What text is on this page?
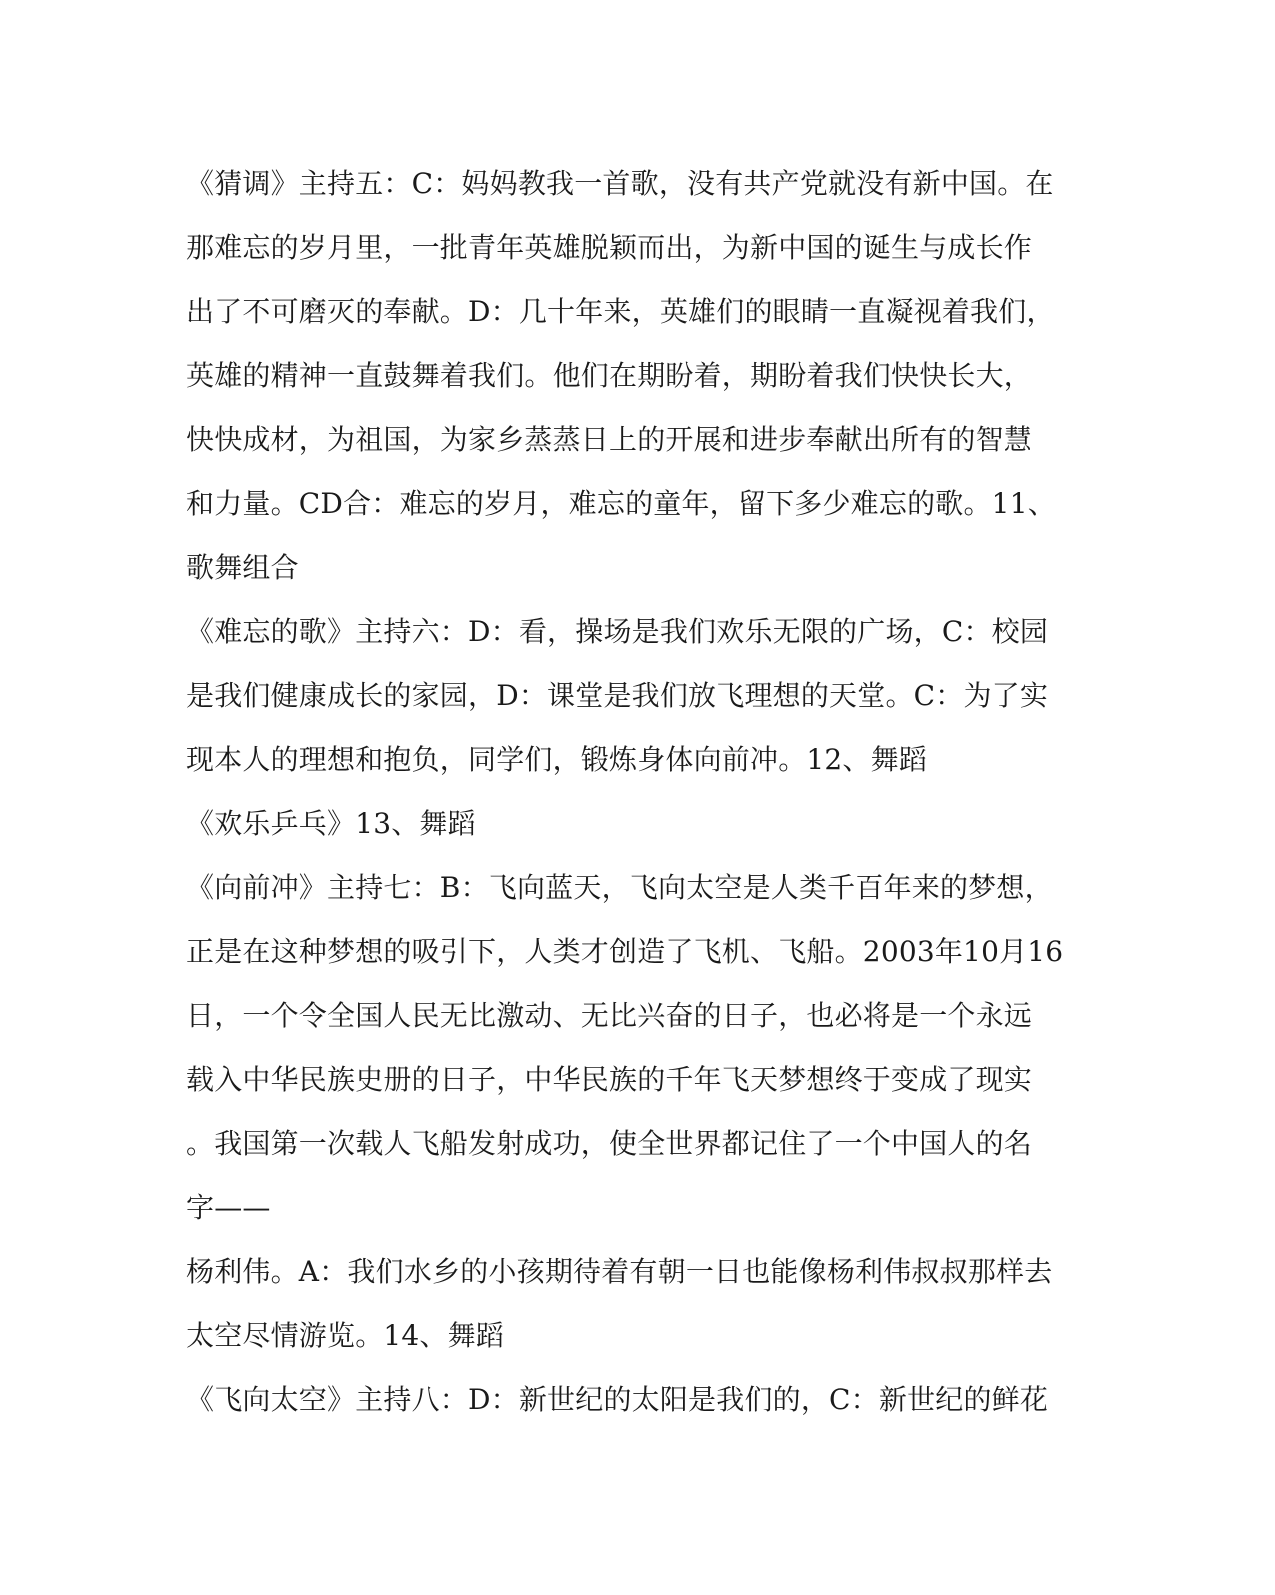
《猜调》主持五：C：妈妈教我一首歌，没有共产党就没有新中国。在

那难忘的岁月里，一批青年英雄脱颖而出，为新中国的诞生与成长作

出了不可磨灭的奉献。D：几十年来，英雄们的眼睛一直凝视着我们，

英雄的精神一直鼓舞着我们。他们在期盼着，期盼着我们快快长大，

快快成材，为祖国，为家乡蒸蒸日上的开展和进步奉献出所有的智慧

和力量。CD合：难忘的岁月，难忘的童年，留下多少难忘的歌。11、

歌舞组合

《难忘的歌》主持六：D：看，操场是我们欢乐无限的广场，C：校园

是我们健康成长的家园，D：课堂是我们放飞理想的天堂。C：为了实

现本人的理想和抱负，同学们，锻炼身体向前冲。12、舞蹈

《欢乐乒乓》13、舞蹈

《向前冲》主持七：B：飞向蓝天，飞向太空是人类千百年来的梦想，

正是在这种梦想的吸引下，人类才创造了飞机、飞船。2003年10月16

日，一个令全国人民无比激动、无比兴奋的日子，也必将是一个永远

载入中华民族史册的日子，中华民族的千年飞天梦想终于变成了现实

。我国第一次载人飞船发射成功，使全世界都记住了一个中国人的名

字——

杨利伟。A：我们水乡的小孩期待着有朝一日也能像杨利伟叔叔那样去

太空尽情游览。14、舞蹈

《飞向太空》主持八：D：新世纪的太阳是我们的，C：新世纪的鲜花
